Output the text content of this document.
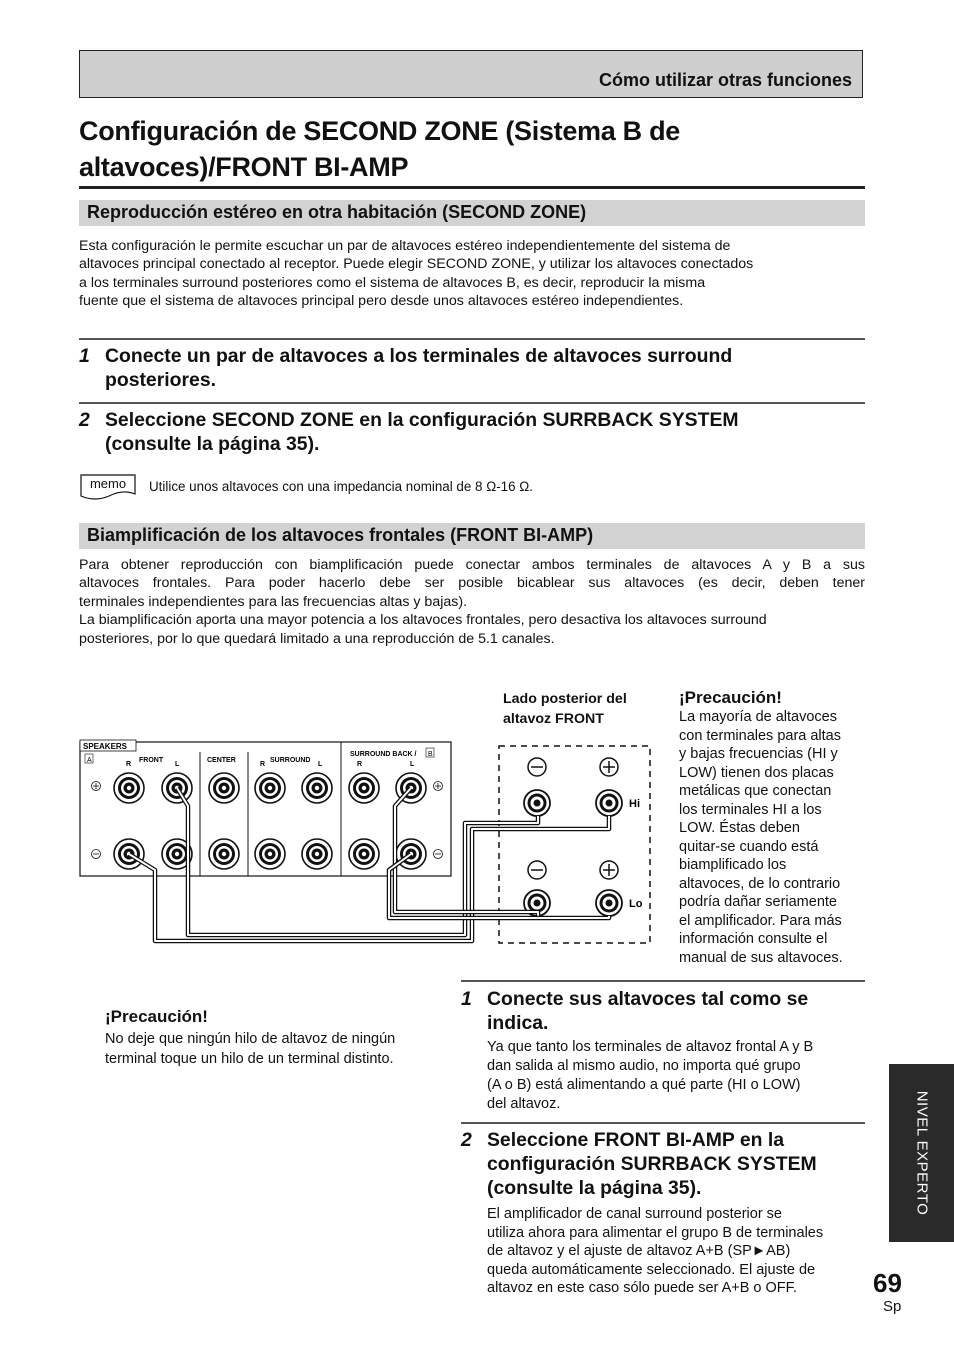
Cómo utilizar otras funciones
Configuración de SECOND ZONE (Sistema B de
altavoces)/FRONT BI-AMP
Reproducción estéreo en otra habitación (SECOND ZONE)
Esta configuración le permite escuchar un par de altavoces estéreo independientemente del sistema de
altavoces principal conectado al receptor. Puede elegir SECOND ZONE, y utilizar los altavoces conectados
a los terminales surround posteriores como el sistema de altavoces B, es decir, reproducir la misma
fuente que el sistema de altavoces principal pero desde unos altavoces estéreo independientes.
1 Conecte un par de altavoces a los terminales de altavoces surround
posteriores.
2 Seleccione SECOND ZONE en la configuración SURRBACK SYSTEM
(consulte la página 35).
memo Utilice unos altavoces con una impedancia nominal de 8 Ω-16 Ω.
Biamplificación de los altavoces frontales (FRONT BI-AMP)
Para obtener reproducción con biamplificación puede conectar ambos terminales de altavoces A y B a sus
altavoces frontales. Para poder hacerlo debe ser posible bicablear sus altavoces (es decir, deben tener
terminales independientes para las frecuencias altas y bajas).
La biamplificación aporta una mayor potencia a los altavoces frontales, pero desactiva los altavoces surround
posteriores, por lo que quedará limitado a una reproducción de 5.1 canales.
SPEAKERS
A
SURROUND BACK / B
FRONT	CENTER	SURROUND
R	L	R	L	R	L
Hi
Lo
Lado posterior del
altavoz FRONT
¡Precaución!
La mayoría de altavoces
con terminales para altas
y bajas frecuencias (HI y
LOW) tienen dos placas
metálicas que conectan
los terminales HI a los
LOW. Éstas deben
quitar-se cuando está
biamplificado los
altavoces, de lo contrario
podría dañar seriamente
el amplificador. Para más
información consulte el
manual de sus altavoces.
¡Precaución!
No deje que ningún hilo de altavoz de ningún
terminal toque un hilo de un terminal distinto.
1 Conecte sus altavoces tal como se
indica.
Ya que tanto los terminales de altavoz frontal A y B
dan salida al mismo audio, no importa qué grupo
(A o B) está alimentando a qué parte (HI o LOW)
del altavoz.
2 Seleccione FRONT BI-AMP en la
configuración SURRBACK SYSTEM
(consulte la página 35).
El amplificador de canal surround posterior se
utiliza ahora para alimentar el grupo B de terminales
de altavoz y el ajuste de altavoz A+B (SP►AB)
queda automáticamente seleccionado. El ajuste de
altavoz en este caso sólo puede ser A+B o OFF.
NIVEL EXPERTO
69
Sp
